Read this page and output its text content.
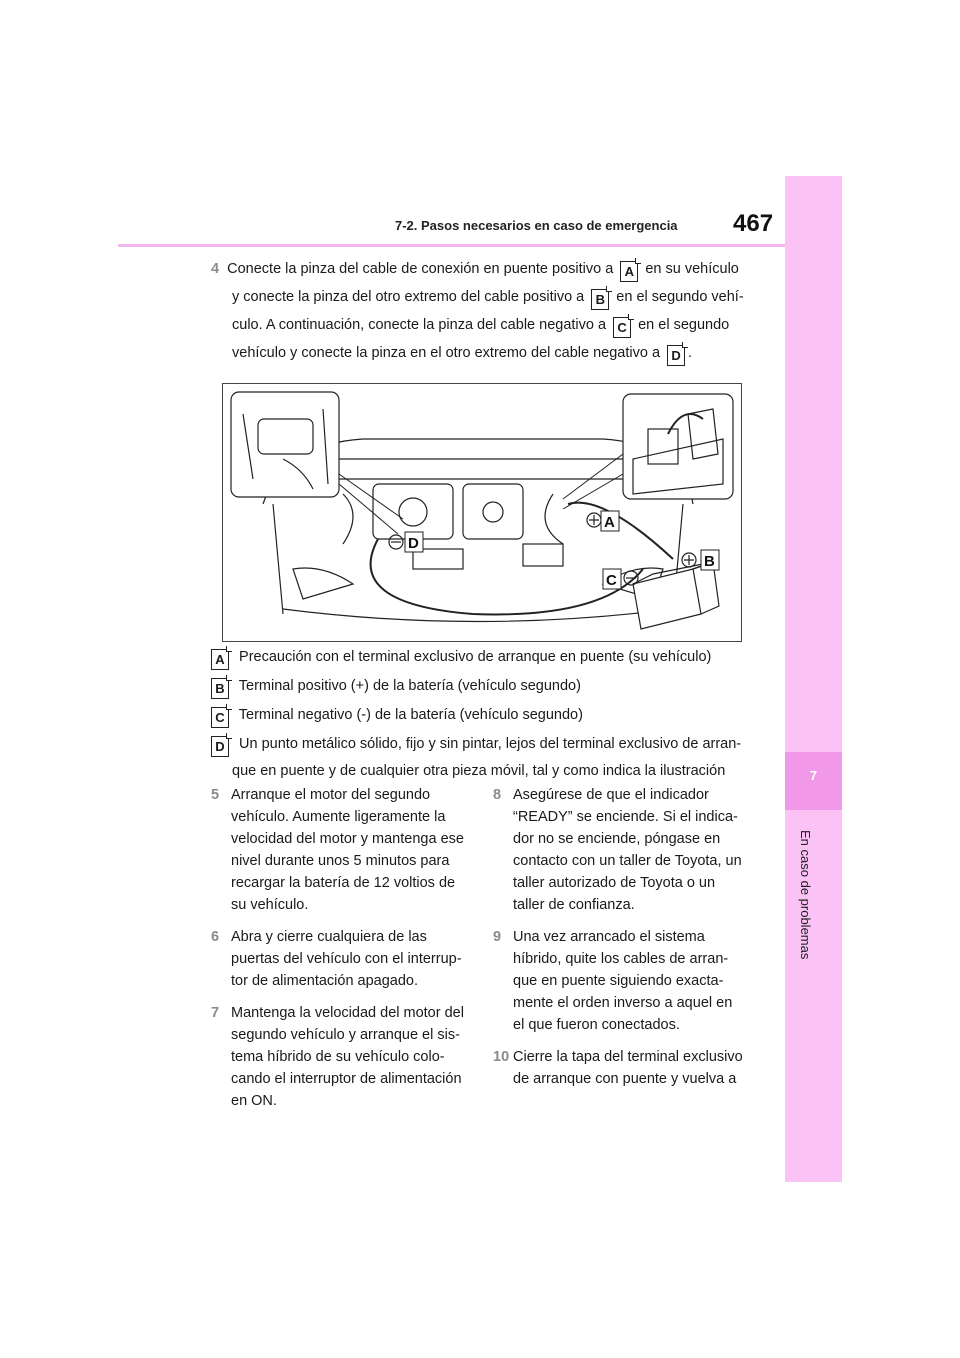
7-2. Pasos necesarios en caso de emergencia 467
7
En caso de problemas
4 Conecte la pinza del cable de conexión en puente positivo a A en su vehículo
y conecte la pinza del otro extremo del cable positivo a B en el segundo vehí-
culo. A continuación, conecte la pinza del cable negativo a C en el segundo
vehículo y conecte la pinza en el otro extremo del cable negativo a D .
A
B
C
D
A Precaución con el terminal exclusivo de arranque en puente (su vehículo)
B Terminal positivo (+) de la batería (vehículo segundo)
C Terminal negativo (-) de la batería (vehículo segundo)
D Un punto metálico sólido, fijo y sin pintar, lejos del terminal exclusivo de arran-
que en puente y de cualquier otra pieza móvil, tal y como indica la ilustración
5 Arranque el motor del segundo
vehículo. Aumente ligeramente la
velocidad del motor y mantenga ese
nivel durante unos 5 minutos para
recargar la batería de 12 voltios de
su vehículo.
6 Abra y cierre cualquiera de las
puertas del vehículo con el interrup-
tor de alimentación apagado.
7 Mantenga la velocidad del motor del
segundo vehículo y arranque el sis-
tema híbrido de su vehículo colo-
cando el interruptor de alimentación
en ON.
8 Asegúrese de que el indicador
“READY” se enciende. Si el indica-
dor no se enciende, póngase en
contacto con un taller de Toyota, un
taller autorizado de Toyota o un
taller de confianza.
9 Una vez arrancado el sistema
híbrido, quite los cables de arran-
que en puente siguiendo exacta-
mente el orden inverso a aquel en
el que fueron conectados.
10 Cierre la tapa del terminal exclusivo
de arranque con puente y vuelva a
